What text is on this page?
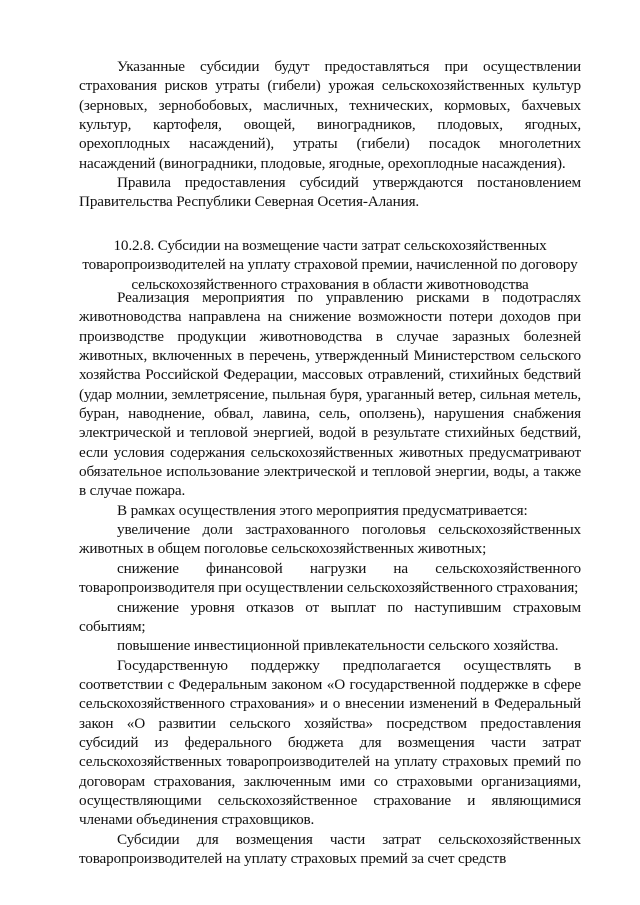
Указанные субсидии будут предоставляться при осуществлении страхования рисков утраты (гибели) урожая сельскохозяйственных культур (зерновых, зернобобовых, масличных, технических, кормовых, бахчевых культур, картофеля, овощей, виноградников, плодовых, ягодных, орехоплодных насаждений), утраты (гибели) посадок многолетних насаждений (виноградники, плодовые, ягодные, орехоплодные насаждения).

Правила предоставления субсидий утверждаются постановлением Правительства Республики Северная Осетия-Алания.

10.2.8. Субсидии на возмещение части затрат сельскохозяйственных товаропроизводителей на уплату страховой премии, начисленной по договору сельскохозяйственного страхования в области животноводства

Реализация мероприятия по управлению рисками в подотраслях животноводства направлена на снижение возможности потери доходов при производстве продукции животноводства в случае заразных болезней животных, включенных в перечень, утвержденный Министерством сельского хозяйства Российской Федерации, массовых отравлений, стихийных бедствий (удар молнии, землетрясение, пыльная буря, ураганный ветер, сильная метель, буран, наводнение, обвал, лавина, сель, оползень), нарушения снабжения электрической и тепловой энергией, водой в результате стихийных бедствий, если условия содержания сельскохозяйственных животных предусматривают обязательное использование электрической и тепловой энергии, воды, а также в случае пожара.

В рамках осуществления этого мероприятия предусматривается:

увеличение доли застрахованного поголовья сельскохозяйственных животных в общем поголовье сельскохозяйственных животных;

снижение финансовой нагрузки на сельскохозяйственного товаропроизводителя при осуществлении сельскохозяйственного страхования;

снижение уровня отказов от выплат по наступившим страховым событиям;

повышение инвестиционной привлекательности сельского хозяйства.

Государственную поддержку предполагается осуществлять в соответствии с Федеральным законом «О государственной поддержке в сфере сельскохозяйственного страхования» и о внесении изменений в Федеральный закон «О развитии сельского хозяйства» посредством предоставления субсидий из федерального бюджета для возмещения части затрат сельскохозяйственных товаропроизводителей на уплату страховых премий по договорам страхования, заключенным ими со страховыми организациями, осуществляющими сельскохозяйственное страхование и являющимися членами объединения страховщиков.

Субсидии для возмещения части затрат сельскохозяйственных товаропроизводителей на уплату страховых премий за счет средств
